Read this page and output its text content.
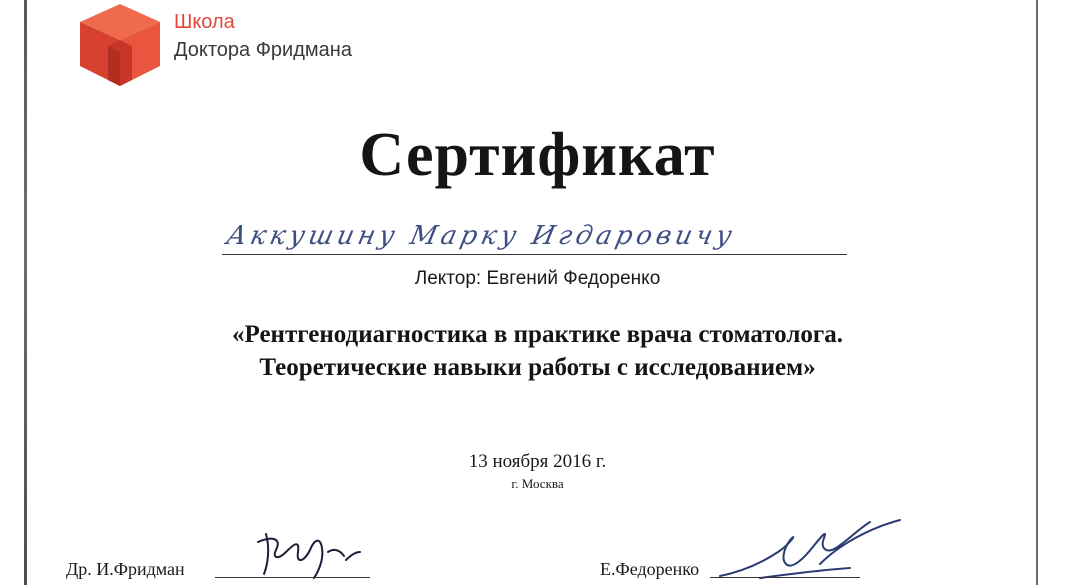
Школа
Доктора Фридмана
Сертификат
Аккушину Марку Игдаровичу
Лектор: Евгений Федоренко
«Рентгенодиагностика в практике врача стоматолога.
Теоретические навыки работы с исследованием»
13 ноября 2016 г.
г. Москва
Др. И.Фридман	Е.Федоренко
